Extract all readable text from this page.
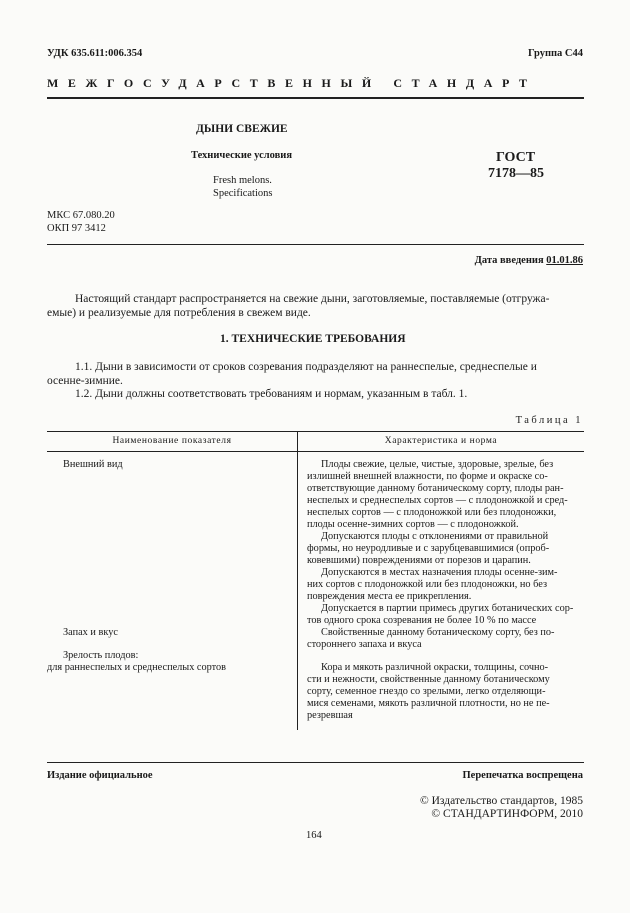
УДК 635.611:006.354	Группа С44
МЕЖГОСУДАРСТВЕННЫЙ СТАНДАРТ
ДЫНИ СВЕЖИЕ
Технические условия
Fresh melons.
Specifications
ГОСТ
7178—85
МКС 67.080.20
ОКП 97 3412
Дата введения 01.01.86
Настоящий стандарт распространяется на свежие дыни, заготовляемые, поставляемые (отгружа-
емые) и реализуемые для потребления в свежем виде.
1. ТЕХНИЧЕСКИЕ ТРЕБОВАНИЯ
1.1. Дыни в зависимости от сроков созревания подразделяют на раннеспелые, среднеспелые и
осенне-зимние.
1.2. Дыни должны соответствовать требованиям и нормам, указанным в табл. 1.
Таблица 1
Наименование показателя	Характеристика и норма
Внешний вид	Плоды свежие, целые, чистые, здоровые, зрелые, без
излишней внешней влажности, по форме и окраске со-
ответствующие данному ботаническому сорту, плоды ран-
неспелых и среднеспелых сортов — с плодоножкой и сред-
неспелых сортов — с плодоножкой или без плодоножки,
плоды осенне-зимних сортов — с плодоножкой.
Допускаются плоды с отклонениями от правильной
формы, но неуродливые и с зарубцевавшимися (опроб-
ковевшими) повреждениями от порезов и царапин.
Допускаются в местах назначения плоды осенне-зим-
них сортов с плодоножкой или без плодоножки, но без
повреждения места ее прикрепления.
Допускается в партии примесь других ботанических сор-
тов одного срока созревания не более 10 % по массе
Запах и вкус	Свойственные данному ботаническому сорту, без по-
стороннего запаха и вкуса
Зрелость плодов:
для раннеспелых и среднеспелых сортов	Кора и мякоть различной окраски, толщины, сочно-
сти и нежности, свойственные данному ботаническому
сорту, семенное гнездо со зрелыми, легко отделяющи-
мися семенами, мякоть различной плотности, но не пе-
резревшая
Издание официальное	Перепечатка воспрещена
© Издательство стандартов, 1985
© СТАНДАРТИНФОРМ, 2010
164
